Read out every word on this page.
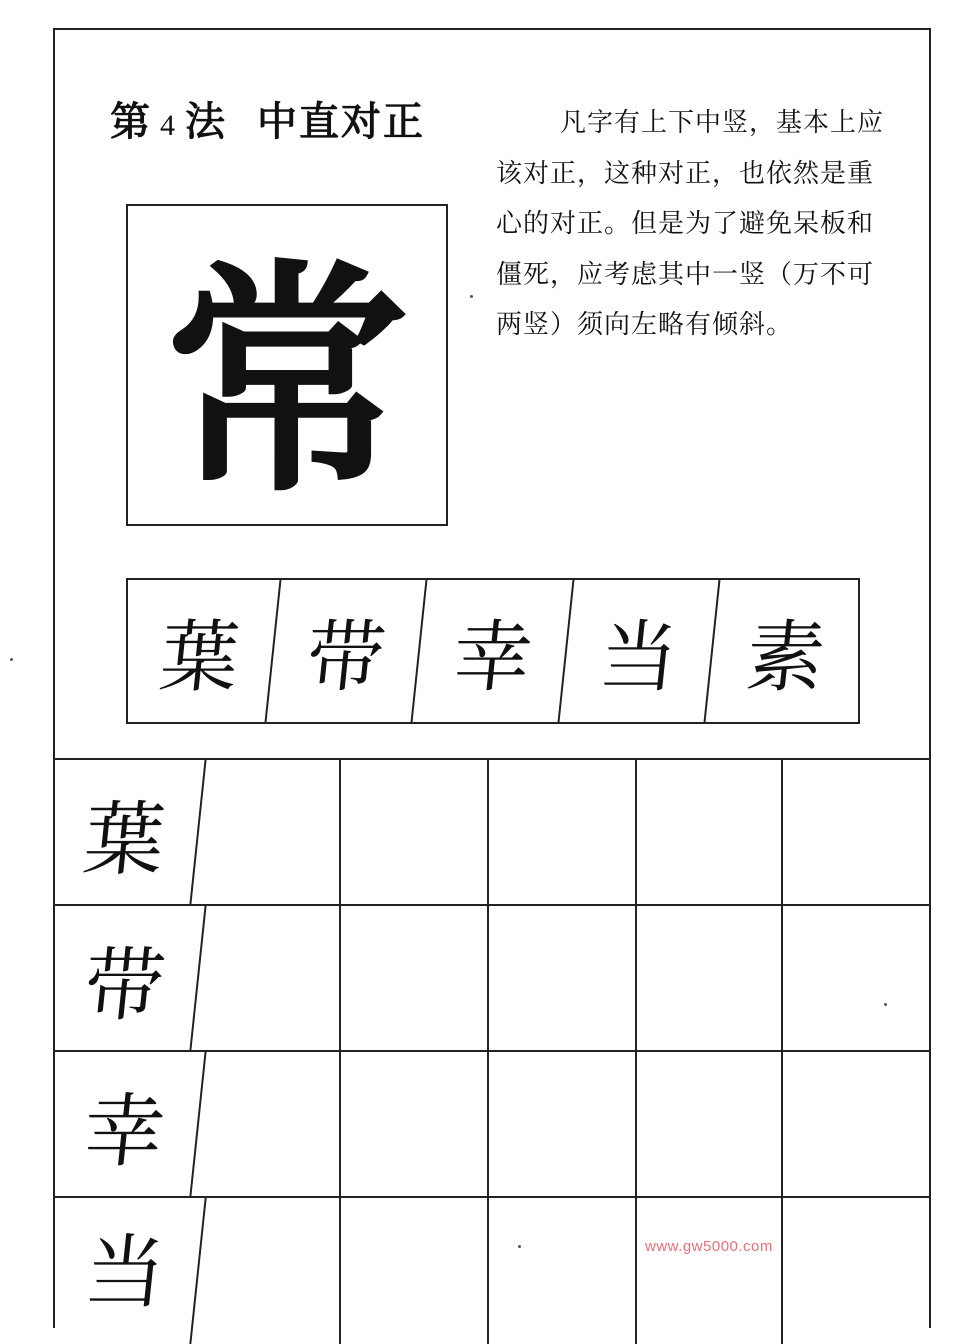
第 4 法 中直对正	凡字有上下中竖，基本上应该对正，这种对正，也依然是重心的对正。但是为了避免呆板和僵死，应考虑其中一竖（万不可两竖）须向左略有倾斜。
常
葉 带 幸 当 素
葉
带
幸
当	www.gw5000.com
